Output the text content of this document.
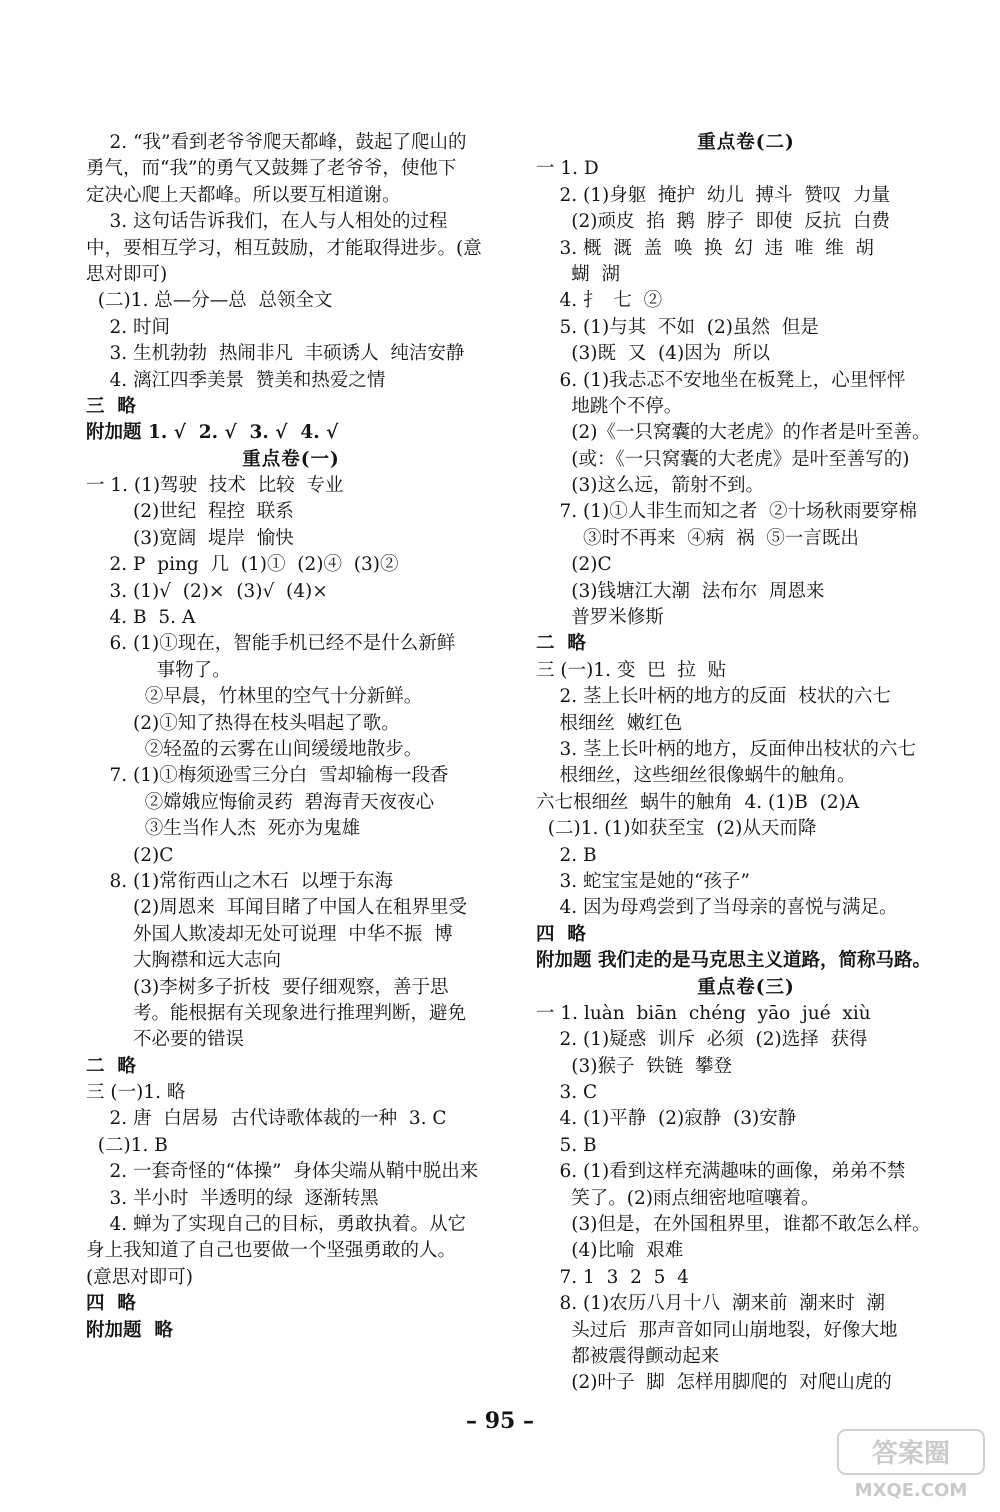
2. “我”看到老爷爷爬天都峰，鼓起了爬山的
勇气，而“我”的勇气又鼓舞了老爷爷，使他下
定决心爬上天都峰。所以要互相道谢。
3. 这句话告诉我们，在人与人相处的过程
中，要相互学习，相互鼓励，才能取得进步。(意
思对即可)
(二)1. 总—分—总  总领全文
2. 时间
3. 生机勃勃  热闹非凡  丰硕诱人  纯洁安静
4. 漓江四季美景  赞美和热爱之情
三  略
附加题 1. √  2. √  3. √  4. √
重点卷(一)
一 1. (1)驾驶  技术  比较  专业
(2)世纪  程控  联系
(3)宽阔  堤岸  愉快
2. P  ping  几  (1)①  (2)④  (3)②
3. (1)√  (2)×  (3)√  (4)×
4. B  5. A
6. (1)①现在，智能手机已经不是什么新鲜
事物了。
②早晨，竹林里的空气十分新鲜。
(2)①知了热得在枝头唱起了歌。
②轻盈的云雾在山间缓缓地散步。
7. (1)①梅须逊雪三分白  雪却输梅一段香
②嫦娥应悔偷灵药  碧海青天夜夜心
③生当作人杰  死亦为鬼雄
(2)C
8. (1)常衔西山之木石  以堙于东海
(2)周恩来  耳闻目睹了中国人在租界里受
外国人欺凌却无处可说理  中华不振  博
大胸襟和远大志向
(3)李树多子折枝  要仔细观察，善于思
考。能根据有关现象进行推理判断，避免
不必要的错误
二  略
三 (一)1. 略
2. 唐  白居易  古代诗歌体裁的一种  3. C
(二)1. B
2. 一套奇怪的“体操”  身体尖端从鞘中脱出来
3. 半小时  半透明的绿  逐渐转黑
4. 蝉为了实现自己的目标，勇敢执着。从它
身上我知道了自己也要做一个坚强勇敢的人。
(意思对即可)
四  略
附加题  略
重点卷(二)
一 1. D
2. (1)身躯  掩护  幼儿  搏斗  赞叹  力量
(2)顽皮  掐  鹅  脖子  即使  反抗  白费
3. 概  溉  盖  唤  换  幻  违  唯  维  胡
蝴  湖
4. 扌  七  ②
5. (1)与其  不如  (2)虽然  但是
(3)既  又  (4)因为  所以
6. (1)我忐忑不安地坐在板凳上，心里怦怦
地跳个不停。
(2)《一只窝囊的大老虎》的作者是叶至善。
(或：《一只窝囊的大老虎》是叶至善写的)
(3)这么远，箭射不到。
7. (1)①人非生而知之者  ②十场秋雨要穿棉
③时不再来  ④病  祸  ⑤一言既出
(2)C
(3)钱塘江大潮  法布尔  周恩来
普罗米修斯
二  略
三 (一)1. 变  巴  拉  贴
2. 茎上长叶柄的地方的反面  枝状的六七
根细丝  嫩红色
3. 茎上长叶柄的地方，反面伸出枝状的六七
根细丝，这些细丝很像蜗牛的触角。
六七根细丝  蜗牛的触角  4. (1)B  (2)A
(二)1. (1)如获至宝  (2)从天而降
2. B
3. 蛇宝宝是她的“孩子”
4. 因为母鸡尝到了当母亲的喜悦与满足。
四  略
附加题 我们走的是马克思主义道路，简称马路。
重点卷(三)
一 1. luàn  biān  chéng  yāo  jué  xiù
2. (1)疑惑  训斥  必须  (2)选择  获得
(3)猴子  铁链  攀登
3. C
4. (1)平静  (2)寂静  (3)安静
5. B
6. (1)看到这样充满趣味的画像，弟弟不禁
笑了。(2)雨点细密地喧嚷着。
(3)但是，在外国租界里，谁都不敢怎么样。
(4)比喻  艰难
7. 1  3  2  5  4
8. (1)农历八月十八  潮来前  潮来时  潮
头过后  那声音如同山崩地裂，好像大地
都被震得颤动起来
(2)叶子  脚  怎样用脚爬的  对爬山虎的
– 95 –
答案圈
MXQE.COM
